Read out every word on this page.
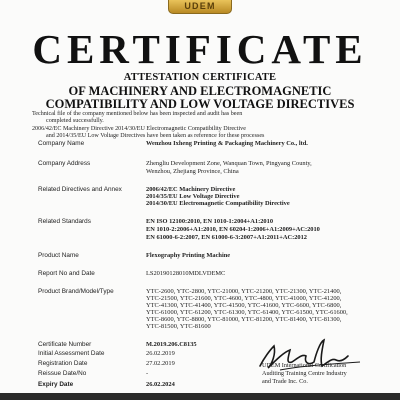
UDEM
CERTIFICATE
ATTESTATION CERTIFICATE
OF MACHINERY AND ELECTROMAGNETIC
COMPATIBILITY AND LOW VOLTAGE DIRECTIVES
Technical file of the company mentioned below has been inspected and audit has been
completed successfully.
2006/42/EC Machinery Directive 2014/30/EU Electromagnetic Compatibility Directive
and 2014/35/EU Low Voltage Directives have been taken as reference for these processes
Company Name	Wenzhou Ixheng Printing & Packaging Machinery Co., ltd.
Company Address	Zhengliu Development Zone, Wanquan Town, Pingyang County,
Wenzhou, Zhejiang Province, China
Related Directives and Annex	2006/42/EC Machinery Directive
2014/35/EU Low Voltage Directive
2014/30/EU Electromagnetic Compatibility Directive
Related Standards	EN ISO 12100:2010, EN 1010-1:2004+A1:2010
EN 1010-2:2006+A1:2010, EN 60204-1:2006+A1:2009+AC:2010
EN 61000-6-2:2007, EN 61000-6-3:2007+A1:2011+AC:2012
Product Name	Flexography Printing Machine
Report No and Date	LS20190128010MDLVDEMC
Product Brand/Model/Type	YTC-2600, YTC-2800, YTC-21000, YTC-21200, YTC-21300, YTC-21400,
YTC-21500, YTC-21600, YTC-4600, YTC-4800, YTC-41000, YTC-41200,
YTC-41300, YTC-41400, YTC-41500, YTC-41600, YTC-6600, YTC-6800,
YTC-61000, YTC-61200, YTC-61300, YTC-61400, YTC-61500, YTC-61600,
YTC-8600, YTC-8800, YTC-81000, YTC-81200, YTC-81400, YTC-81300,
YTC-81500, YTC-81600
Certificate Number	M.2019.206.C8135
Initial Assessment Date	26.02.2019
Registration Date	27.02.2019
Reissue Date/No	-
Expiry Date	26.02.2024
UDEM International Certification
Auditing Training Centre Industry
and Trade Inc. Co.
